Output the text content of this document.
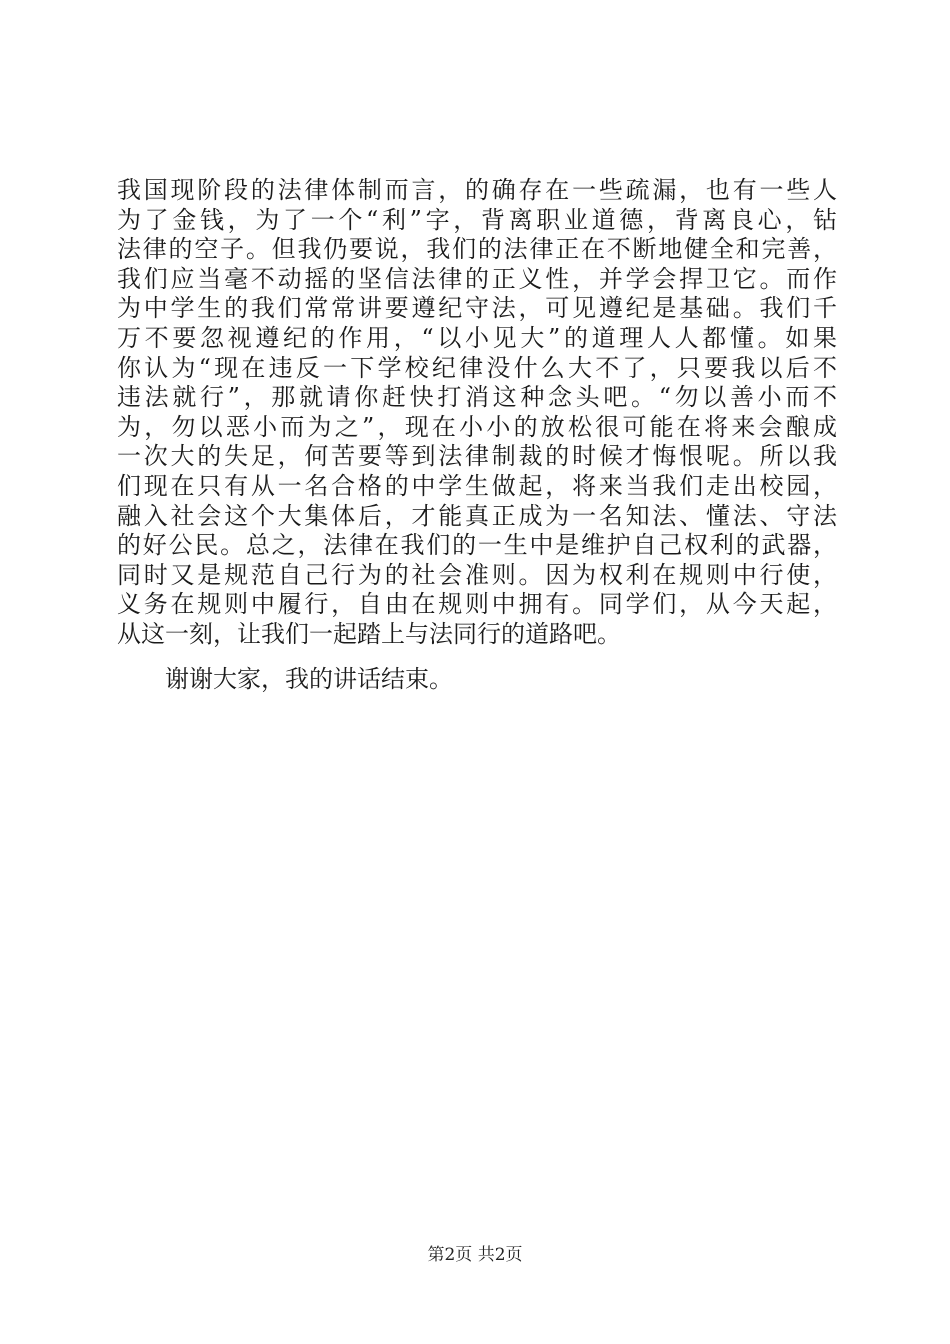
我国现阶段的法律体制而言，的确存在一些疏漏，也有一些人
为了金钱，为了一个“利”字，背离职业道德，背离良心，钻
法律的空子。但我仍要说，我们的法律正在不断地健全和完善，
我们应当毫不动摇的坚信法律的正义性，并学会捍卫它。而作
为中学生的我们常常讲要遵纪守法，可见遵纪是基础。我们千
万不要忽视遵纪的作用，“以小见大”的道理人人都懂。如果
你认为“现在违反一下学校纪律没什么大不了，只要我以后不
违法就行”，那就请你赶快打消这种念头吧。“勿以善小而不
为，勿以恶小而为之”，现在小小的放松很可能在将来会酿成
一次大的失足，何苦要等到法律制裁的时候才悔恨呢。所以我
们现在只有从一名合格的中学生做起，将来当我们走出校园，
融入社会这个大集体后，才能真正成为一名知法、懂法、守法
的好公民。总之，法律在我们的一生中是维护自己权利的武器，
同时又是规范自己行为的社会准则。因为权利在规则中行使，
义务在规则中履行，自由在规则中拥有。同学们，从今天起，
从这一刻，让我们一起踏上与法同行的道路吧。
谢谢大家，我的讲话结束。
第2页 共2页
